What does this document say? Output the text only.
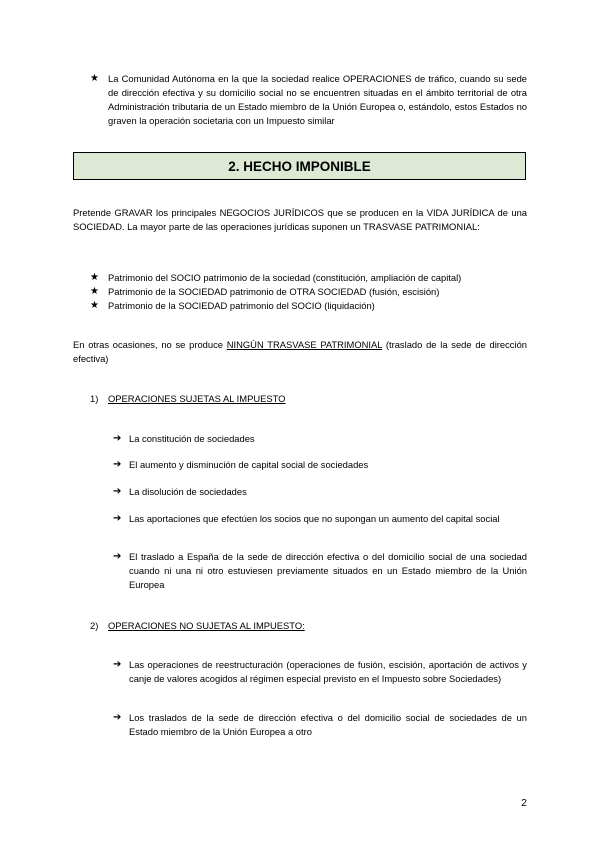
★ La Comunidad Autónoma en la que la sociedad realice OPERACIONES de tráfico, cuando su sede de dirección efectiva y su domicilio social no se encuentren situadas en el ámbito territorial de otra Administración tributaria de un Estado miembro de la Unión Europea o, estándolo, estos Estados no graven la operación societaria con un Impuesto similar
2. HECHO IMPONIBLE
Pretende GRAVAR los principales NEGOCIOS JURÍDICOS que se producen en la VIDA JURÍDICA de una SOCIEDAD. La mayor parte de las operaciones jurídicas suponen un TRASVASE PATRIMONIAL:
★ Patrimonio del SOCIO patrimonio de la sociedad (constitución, ampliación de capital)
★ Patrimonio de la SOCIEDAD patrimonio de OTRA SOCIEDAD (fusión, escisión)
★ Patrimonio de la SOCIEDAD patrimonio del SOCIO (liquidación)
En otras ocasiones, no se produce NINGÚN TRASVASE PATRIMONIAL (traslado de la sede de dirección efectiva)
1)	OPERACIONES SUJETAS AL IMPUESTO
➔ La constitución de sociedades
➔ El aumento y disminución de capital social de sociedades
➔ La disolución de sociedades
➔ Las aportaciones que efectúen los socios que no supongan un aumento del capital social
➔ El traslado a España de la sede de dirección efectiva o del domicilio social de una sociedad cuando ni una ni otro estuviesen previamente situados en un Estado miembro de la Unión Europea
2)	OPERACIONES NO SUJETAS AL IMPUESTO:
➔ Las operaciones de reestructuración (operaciones de fusión, escisión, aportación de activos y canje de valores acogidos al régimen especial previsto en el Impuesto sobre Sociedades)
➔ Los traslados de la sede de dirección efectiva o del domicilio social de sociedades de un Estado miembro de la Unión Europea a otro
2
